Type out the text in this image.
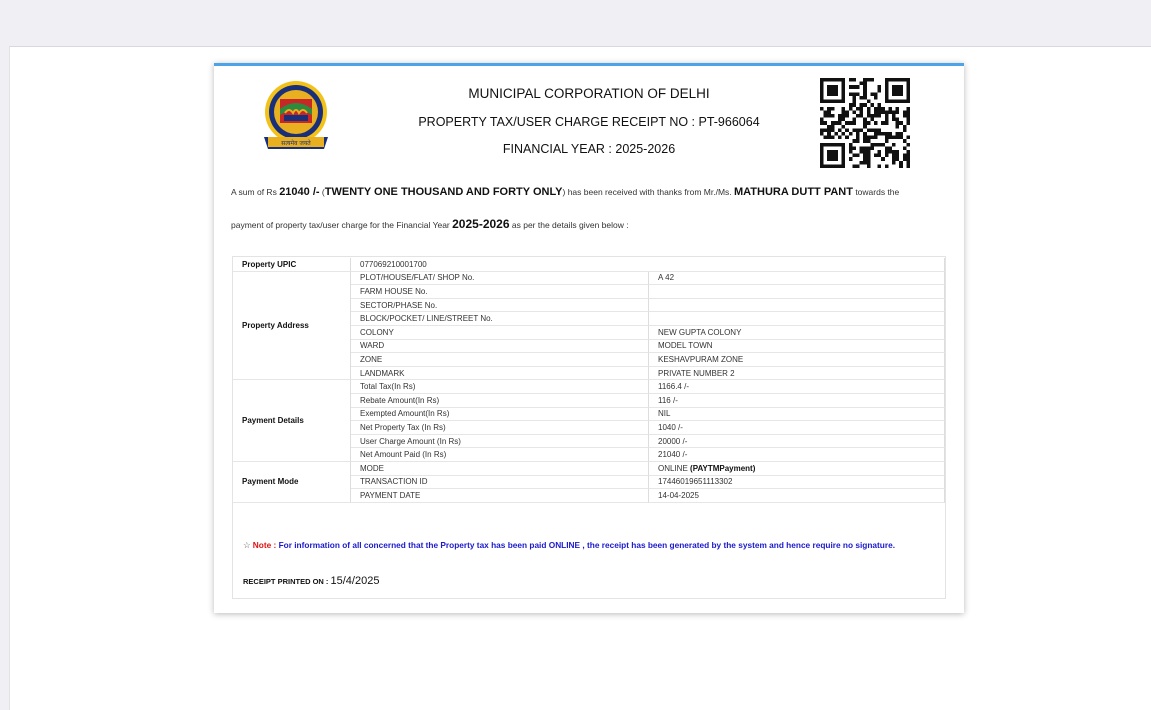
सत्यमेव जयते
MUNICIPAL CORPORATION OF DELHI
PROPERTY TAX/USER CHARGE RECEIPT NO : PT-966064
FINANCIAL YEAR : 2025-2026
A sum of Rs 21040 /- (TWENTY ONE THOUSAND AND FORTY ONLY) has been received with thanks from Mr./Ms. MATHURA DUTT PANT towards the
payment of property tax/user charge for the Financial Year 2025-2026 as per the details given below :
Property UPIC	077069210001700	
Property Address	PLOT/HOUSE/FLAT/ SHOP No.	A 42
	FARM HOUSE No.	
	SECTOR/PHASE No.	
	BLOCK/POCKET/ LINE/STREET No.	
	COLONY	NEW GUPTA COLONY
	WARD	MODEL TOWN
	ZONE	KESHAVPURAM ZONE
	LANDMARK	PRIVATE NUMBER 2
Payment Details	Total Tax(In Rs)	1166.4 /-
	Rebate Amount(In Rs)	116 /-
	Exempted Amount(In Rs)	NIL
	Net Property Tax (In Rs)	1040 /-
	User Charge Amount (In Rs)	20000 /-
	Net Amount Paid (In Rs)	21040 /-
Payment Mode	MODE	ONLINE (PAYTMPayment)
	TRANSACTION ID	17446019651113302
	PAYMENT DATE	14-04-2025
☆ Note : For information of all concerned that the Property tax has been paid ONLINE , the receipt has been generated by the system and hence require no signature.
RECEIPT PRINTED ON : 15/4/2025
